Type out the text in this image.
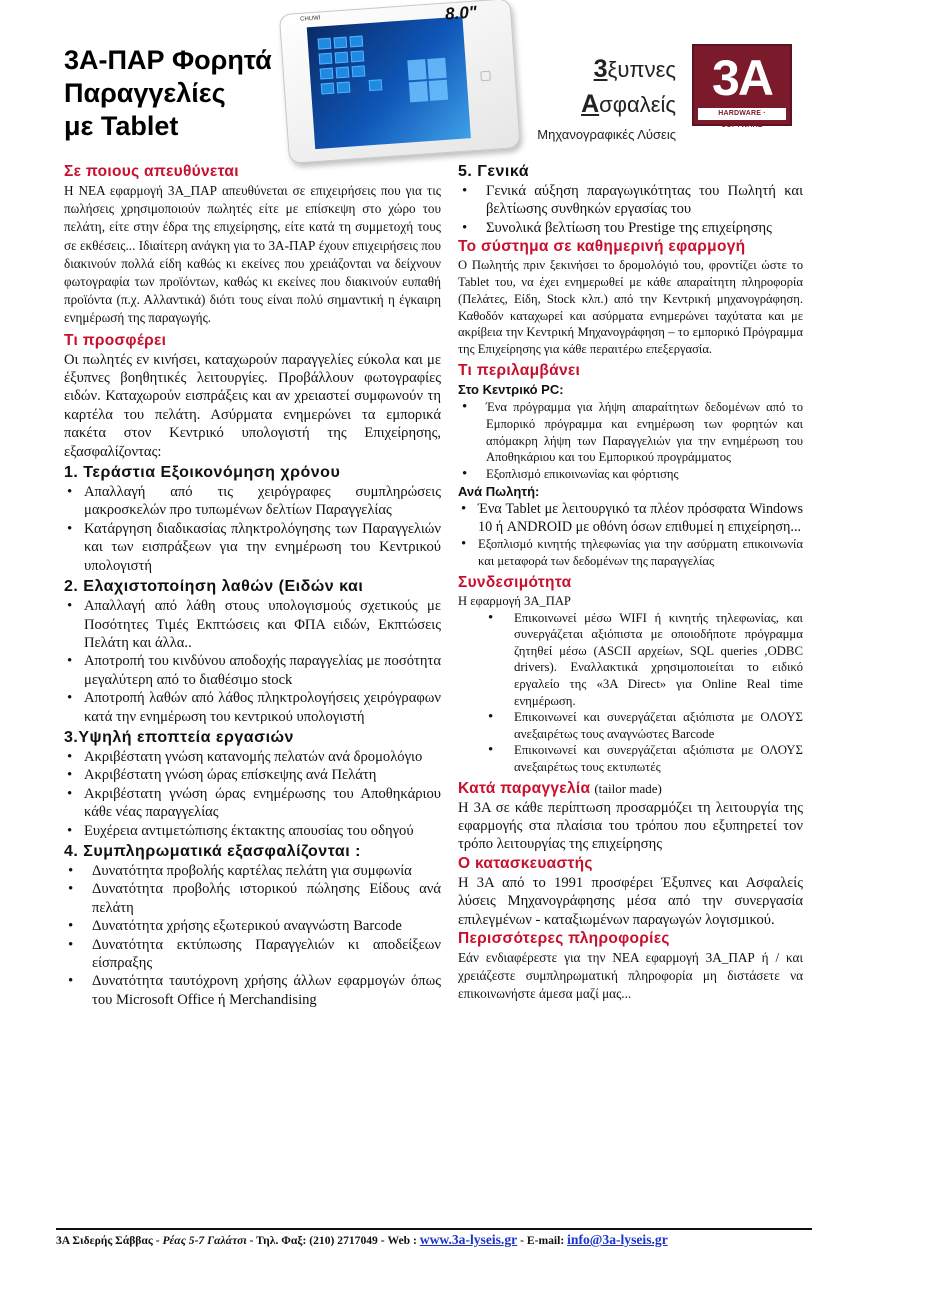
3Α-ΠΑΡ Φορητά
Παραγγελίες
με Tablet
CHUWI	8.0"
3ξυπνες
Ασφαλείς
Μηχανογραφικές Λύσεις
3A
HARDWARE · SOFTWARE
Σε ποιους απευθύνεται

Η ΝΕΑ εφαρμογή 3Α_ΠΑΡ απευθύνεται σε επιχειρήσεις που για τις πωλήσεις χρησιμοποιούν πωλητές είτε με επίσκεψη στο χώρο του πελάτη, είτε στην έδρα της επιχείρησης, είτε κατά τη συμμετοχή τους σε εκθέσεις... Ιδιαίτερη ανάγκη για το 3Α-ΠΑΡ έχουν επιχειρήσεις που διακινούν πολλά είδη καθώς κι εκείνες που χρειάζονται να δείχνουν φωτογραφία των προϊόντων, καθώς κι εκείνες που διακινούν ευπαθή προϊόντα (π.χ. Αλλαντικά) διότι τους είναι πολύ σημαντική η έγκαιρη ενημέρωσή της παραγωγής.

Τι προσφέρει

Οι πωλητές εν κινήσει, καταχωρούν παραγγελίες εύκολα και με έξυπνες βοηθητικές λειτουργίες. Προβάλλουν φωτογραφίες ειδών. Καταχωρούν εισπράξεις και αν χρειαστεί συμφωνούν τη καρτέλα του πελάτη. Ασύρματα ενημερώνει τα εμπορικά πακέτα στον Κεντρικό υπολογιστή της Επιχείρησης, εξασφαλίζοντας:

1. Τεράστια Εξοικονόμηση χρόνου
• Απαλλαγή από τις χειρόγραφες συμπληρώσεις μακροσκελών προ τυπωμένων δελτίων Παραγγελίας
• Κατάργηση διαδικασίας πληκτρολόγησης των Παραγγελιών και των εισπράξεων για την ενημέρωση του Κεντρικού υπολογιστή
2. Ελαχιστοποίηση λαθών (Ειδών και
• Απαλλαγή από λάθη στους υπολογισμούς σχετικούς με Ποσότητες Τιμές Εκπτώσεις και ΦΠΑ ειδών, Εκπτώσεις Πελάτη και άλλα..
• Αποτροπή του κινδύνου αποδοχής παραγγελίας με ποσότητα μεγαλύτερη από το διαθέσιμο stock
• Αποτροπή λαθών από λάθος πληκτρολογήσεις χειρόγραφων κατά την ενημέρωση του κεντρικού υπολογιστή
3.Υψηλή εποπτεία εργασιών
• Ακριβέστατη γνώση κατανομής πελατών ανά δρομολόγιο
• Ακριβέστατη γνώση ώρας επίσκεψης ανά Πελάτη
• Ακριβέστατη γνώση ώρας ενημέρωσης του Αποθηκάριου κάθε νέας παραγγελίας
• Ευχέρεια αντιμετώπισης έκτακτης απουσίας του οδηγού
4. Συμπληρωματικά εξασφαλίζονται :
• Δυνατότητα προβολής καρτέλας πελάτη για συμφωνία
• Δυνατότητα προβολής ιστορικού πώλησης Είδους ανά πελάτη
• Δυνατότητα χρήσης εξωτερικού αναγνώστη Barcode
• Δυνατότητα εκτύπωσης Παραγγελιών κι αποδείξεων είσπραξης
• Δυνατότητα ταυτόχρονη χρήσης άλλων εφαρμογών όπως του Microsoft Office ή Merchandising
5. Γενικά
• Γενικά αύξηση παραγωγικότητας του Πωλητή και βελτίωσης συνθηκών εργασίας του
• Συνολικά βελτίωση του Prestige της επιχείρησης
Το σύστημα σε καθημερινή εφαρμογή

Ο Πωλητής πριν ξεκινήσει το δρομολόγιό του, φροντίζει ώστε το Tablet του, να έχει ενημερωθεί με κάθε απαραίτητη πληροφορία (Πελάτες, Είδη, Stock κλπ.) από την Κεντρική μηχανογράφηση. Καθοδόν καταχωρεί και ασύρματα ενημερώνει ταχύτατα και με ακρίβεια την Κεντρική Μηχανογράφηση – το εμπορικό Πρόγραμμα της Επιχείρησης για κάθε περαιτέρω επεξεργασία.

Τι περιλαμβάνει
Στο Κεντρικό PC:
• Ένα πρόγραμμα για λήψη απαραίτητων δεδομένων από το Εμπορικό πρόγραμμα και ενημέρωση των φορητών και απόμακρη λήψη των Παραγγελιών για την ενημέρωση του Αποθηκάριου και του Εμπορικού προγράμματος
• Εξοπλισμό επικοινωνίας και φόρτισης
Ανά Πωλητή:
• Ένα Tablet με λειτουργικό τα πλέον πρόσφατα Windows 10 ή ANDROID με οθόνη όσων επιθυμεί η επιχείρηση...
• Εξοπλισμό κινητής τηλεφωνίας για την ασύρματη επικοινωνία και μεταφορά των δεδομένων της παραγγελίας
Συνδεσιμότητα
Η εφαρμογή 3Α_ΠΑΡ
• Επικοινωνεί μέσω WIFI ή κινητής τηλεφωνίας, και συνεργάζεται αξιόπιστα με οποιοδήποτε πρόγραμμα ζητηθεί μέσω (ASCII αρχείων, SQL queries ,ODBC drivers). Εναλλακτικά χρησιμοποιείται το ειδικό εργαλείο της «3A Direct» για Online Real time ενημέρωση.
• Επικοινωνεί και συνεργάζεται αξιόπιστα με ΟΛΟΥΣ ανεξαιρέτως τους αναγνώστες Barcode
• Επικοινωνεί και συνεργάζεται αξιόπιστα με ΟΛΟΥΣ ανεξαιρέτως τους εκτυπωτές
Κατά παραγγελία (tailor made)

Η 3Α σε κάθε περίπτωση προσαρμόζει τη λειτουργία της εφαρμογής στα πλαίσια του τρόπου που εξυπηρετεί τον τρόπο λειτουργίας της επιχείρησης

Ο κατασκευαστής

Η 3Α από το 1991 προσφέρει Έξυπνες και Ασφαλείς λύσεις Μηχανογράφησης μέσα από την συνεργασία επιλεγμένων - καταξιωμένων παραγωγών λογισμικού.

Περισσότερες πληροφορίες

Εάν ενδιαφέρεστε για την ΝΕΑ εφαρμογή 3Α_ΠΑΡ ή / και χρειάζεστε συμπληρωματική πληροφορία μη διστάσετε να επικοινωνήστε άμεσα μαζί μας...

3Α Σιδερής Σάββας - Ρέας 5-7 Γαλάτσι - Τηλ. Φαξ: (210) 2717049 - Web : www.3a-lyseis.gr - E-mail: info@3a-lyseis.gr
